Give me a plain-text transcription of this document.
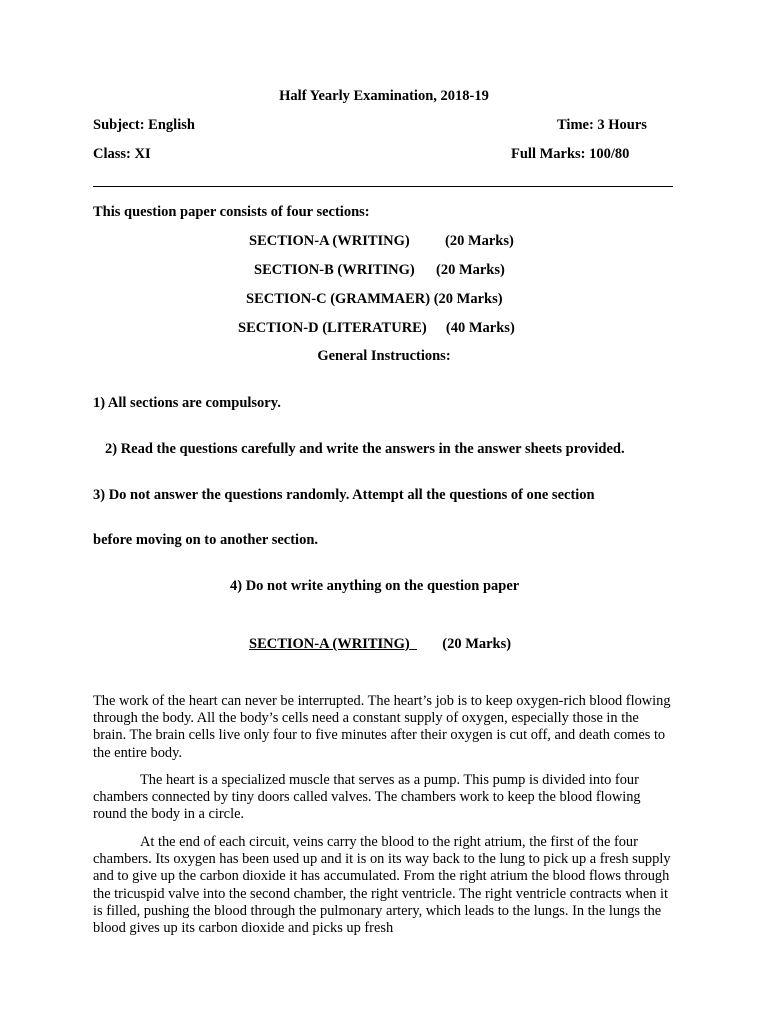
Half Yearly Examination, 2018-19
Subject: English	Time: 3 Hours
Class: XI	Full Marks: 100/80
This question paper consists of four sections:
SECTION-A (WRITING) (20 Marks)
SECTION-B (WRITING) (20 Marks)
SECTION-C (GRAMMAER) (20 Marks)
SECTION-D (LITERATURE) (40 Marks)
General Instructions:
1) All sections are compulsory.
2) Read the questions carefully and write the answers in the answer sheets provided.
3) Do not answer the questions randomly. Attempt all the questions of one section
before moving on to another section.
4) Do not write anything on the question paper
SECTION-A (WRITING) (20 Marks)
The work of the heart can never be interrupted. The heart’s job is to keep oxygen-rich blood flowing through the body. All the body’s cells need a constant supply of oxygen, especially those in the brain. The brain cells live only four to five minutes after their oxygen is cut off, and death comes to the entire body.
The heart is a specialized muscle that serves as a pump. This pump is divided into four chambers connected by tiny doors called valves. The chambers work to keep the blood flowing round the body in a circle.
At the end of each circuit, veins carry the blood to the right atrium, the first of the four chambers. Its oxygen has been used up and it is on its way back to the lung to pick up a fresh supply and to give up the carbon dioxide it has accumulated. From the right atrium the blood flows through the tricuspid valve into the second chamber, the right ventricle. The right ventricle contracts when it is filled, pushing the blood through the pulmonary artery, which leads to the lungs. In the lungs the blood gives up its carbon dioxide and picks up fresh
